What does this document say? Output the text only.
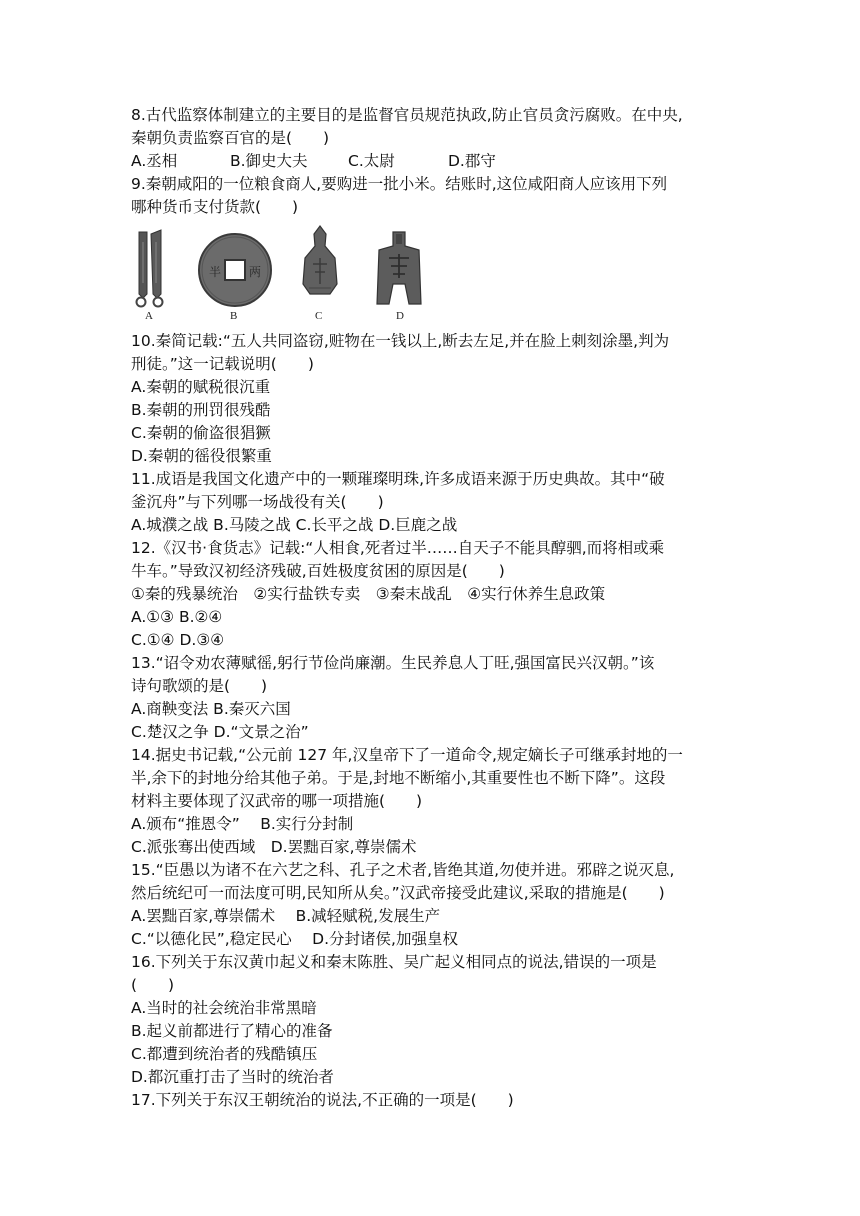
8.古代监察体制建立的主要目的是监督官员规范执政,防止官员贪污腐败。在中央,
秦朝负责监察百官的是(　　)
A.丞相	B.御史大夫	C.太尉	D.郡守
9.秦朝咸阳的一位粮食商人,要购进一批小米。结账时,这位咸阳商人应该用下列
哪种货币支付货款(　　)
A
半 两
B	C	D
10.秦简记载:“五人共同盗窃,赃物在一钱以上,断去左足,并在脸上刺刻涂墨,判为
刑徒。”这一记载说明(　　)
A.秦朝的赋税很沉重
B.秦朝的刑罚很残酷
C.秦朝的偷盗很猖獗
D.秦朝的徭役很繁重
11.成语是我国文化遗产中的一颗璀璨明珠,许多成语来源于历史典故。其中“破
釜沉舟”与下列哪一场战役有关(　　)
A.城濮之战 B.马陵之战 C.长平之战 D.巨鹿之战
12.《汉书·食货志》记载:“人相食,死者过半……自天子不能具醇驷,而将相或乘
牛车。”导致汉初经济残破,百姓极度贫困的原因是(　　)
①秦的残暴统治　②实行盐铁专卖　③秦末战乱　④实行休养生息政策
A.①③ B.②④
C.①④ D.③④
13.“诏令劝农薄赋徭,躬行节俭尚廉潮。生民养息人丁旺,强国富民兴汉朝。”该
诗句歌颂的是(　　)
A.商鞅变法 B.秦灭六国
C.楚汉之争 D.“文景之治”
14.据史书记载,“公元前 127 年,汉皇帝下了一道命令,规定嫡长子可继承封地的一
半,余下的封地分给其他子弟。于是,封地不断缩小,其重要性也不断下降”。这段
材料主要体现了汉武帝的哪一项措施(　　)
A.颁布“推恩令”　 B.实行分封制
C.派张骞出使西域　D.罢黜百家,尊崇儒术
15.“臣愚以为诸不在六艺之科、孔子之术者,皆绝其道,勿使并进。邪辟之说灭息,
然后统纪可一而法度可明,民知所从矣。”汉武帝接受此建议,采取的措施是(　　)
A.罢黜百家,尊崇儒术　 B.减轻赋税,发展生产
C.“以德化民”,稳定民心　 D.分封诸侯,加强皇权
16.下列关于东汉黄巾起义和秦末陈胜、吴广起义相同点的说法,错误的一项是
(　　)
A.当时的社会统治非常黑暗
B.起义前都进行了精心的准备
C.都遭到统治者的残酷镇压
D.都沉重打击了当时的统治者
17.下列关于东汉王朝统治的说法,不正确的一项是(　　)
